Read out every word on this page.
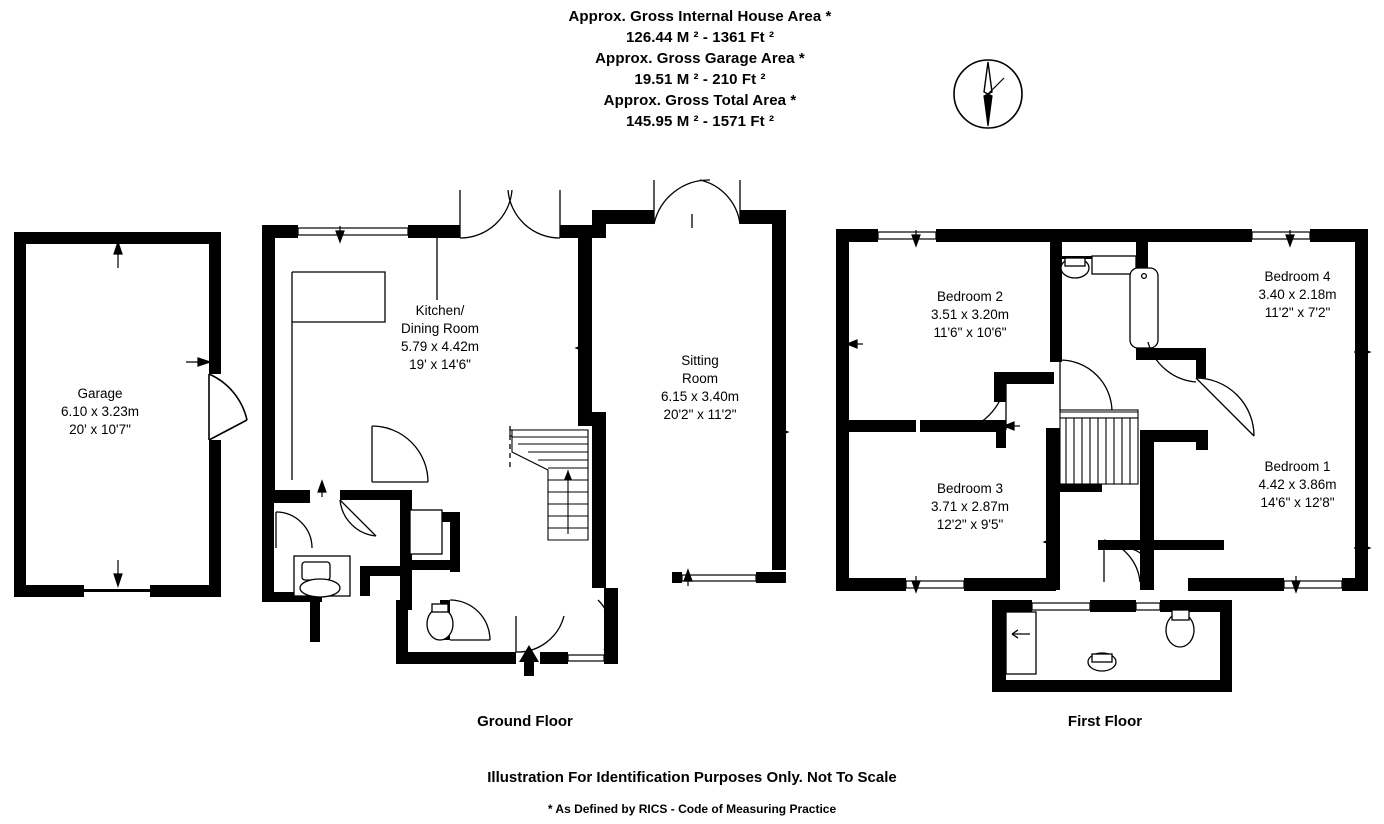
Approx. Gross Internal House Area *
126.44 M ² - 1361 Ft ²
Approx. Gross Garage Area *
19.51 M ² - 210 Ft ²
Approx. Gross Total Area *
145.95 M ² - 1571 Ft ²
Garage
6.10 x 3.23m
20' x 10'7"
Kitchen/
Dining Room
5.79 x 4.42m
19' x 14'6"	Sitting
Room
6.15 x 3.40m
20'2" x 11'2"
Bedroom 2
3.51 x 3.20m
11'6" x 10'6"
Bedroom 4
3.40 x 2.18m
11'2" x 7'2"
Bedroom 3
3.71 x 2.87m
12'2" x 9'5"
Bedroom 1
4.42 x 3.86m
14'6" x 12'8"
Ground Floor	First Floor
Illustration For Identification Purposes Only. Not To Scale
* As Defined by RICS - Code of Measuring Practice
